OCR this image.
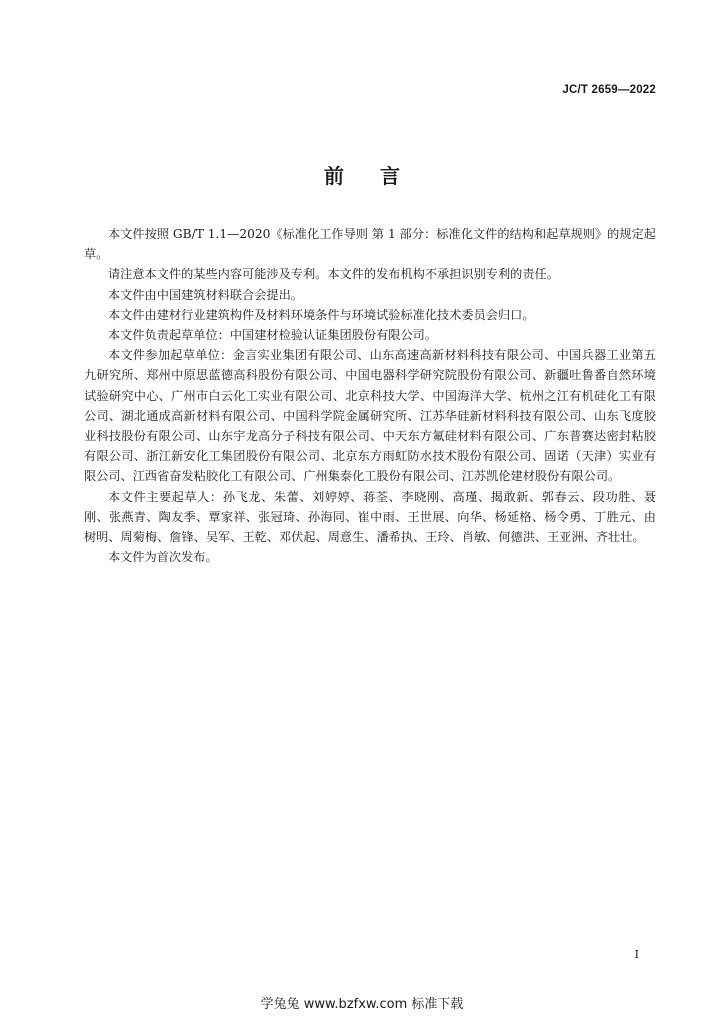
JC/T 2659—2022
前言

本文件按照 GB/T 1.1—2020《标准化工作导则 第 1 部分：标准化文件的结构和起草规则》的规定起草。

请注意本文件的某些内容可能涉及专利。本文件的发布机构不承担识别专利的责任。

本文件由中国建筑材料联合会提出。

本文件由建材行业建筑构件及材料环境条件与环境试验标准化技术委员会归口。

本文件负责起草单位：中国建材检验认证集团股份有限公司。

本文件参加起草单位：金言实业集团有限公司、山东高速高新材料科技有限公司、中国兵器工业第五九研究所、郑州中原思蓝德高科股份有限公司、中国电器科学研究院股份有限公司、新疆吐鲁番自然环境试验研究中心、广州市白云化工实业有限公司、北京科技大学、中国海洋大学、杭州之江有机硅化工有限公司、湖北通成高新材料有限公司、中国科学院金属研究所、江苏华硅新材料科技有限公司、山东飞度胶业科技股份有限公司、山东宇龙高分子科技有限公司、中天东方氟硅材料有限公司、广东普赛达密封粘胶有限公司、浙江新安化工集团股份有限公司、北京东方雨虹防水技术股份有限公司、固诺（天津）实业有限公司、江西省奋发粘胶化工有限公司、广州集泰化工股份有限公司、江苏凯伦建材股份有限公司。

本文件主要起草人：孙飞龙、朱蕾、刘婷婷、蒋荃、李晓刚、高瑾、揭敢新、郭春云、段功胜、聂刚、张燕青、陶友季、覃家祥、张冠琦、孙海同、崔中雨、王世展、向华、杨延格、杨令勇、丁胜元、由树明、周菊梅、詹锋、吴军、王乾、邓伏起、周意生、潘希执、王玲、肖敏、何德洪、王亚洲、齐壮壮。

本文件为首次发布。

I
学兔兔 www.bzfxw.com 标准下载
